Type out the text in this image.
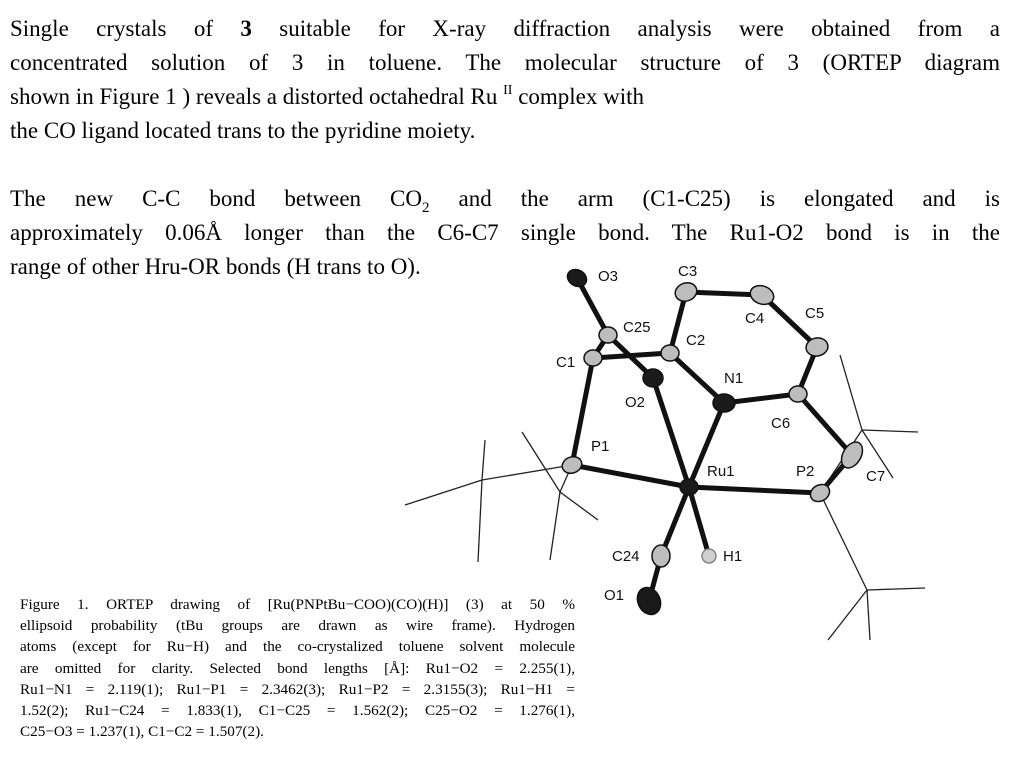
Single crystals of 3 suitable for X-ray diffraction analysis were obtained from a
concentrated solution of 3 in toluene. The molecular structure of 3 (ORTEP diagram
shown in Figure 1 ) reveals a distorted octahedral Ru $^{II}$ complex with
the CO ligand located trans to the pyridine moiety.

The new C-C bond between $CO_2$ and the arm (C1-C25) is elongated and is
approximately 0.06Å longer than the C6-C7 single bond. The Ru1-O2 bond is in the
range of other Hru-OR bonds (H trans to O).	O3	C3
C4	C5
C25
C2
C1
N1
O2
C6
P1
Ru1	P2	C7
C24	H1
O1

Figure 1. ORTEP drawing of [Ru(PNPtBu−COO)(CO)(H)] (3) at 50 %
ellipsoid probability (tBu groups are drawn as wire frame). Hydrogen
atoms (except for Ru−H) and the co-crystalized toluene solvent molecule
are omitted for clarity. Selected bond lengths [Å]: Ru1−O2 = 2.255(1),
Ru1−N1 = 2.119(1); Ru1−P1 = 2.3462(3); Ru1−P2 = 2.3155(3); Ru1−H1 =
1.52(2); Ru1−C24 = 1.833(1), C1−C25 = 1.562(2); C25−O2 = 1.276(1),
C25−O3 = 1.237(1), C1−C2 = 1.507(2).
